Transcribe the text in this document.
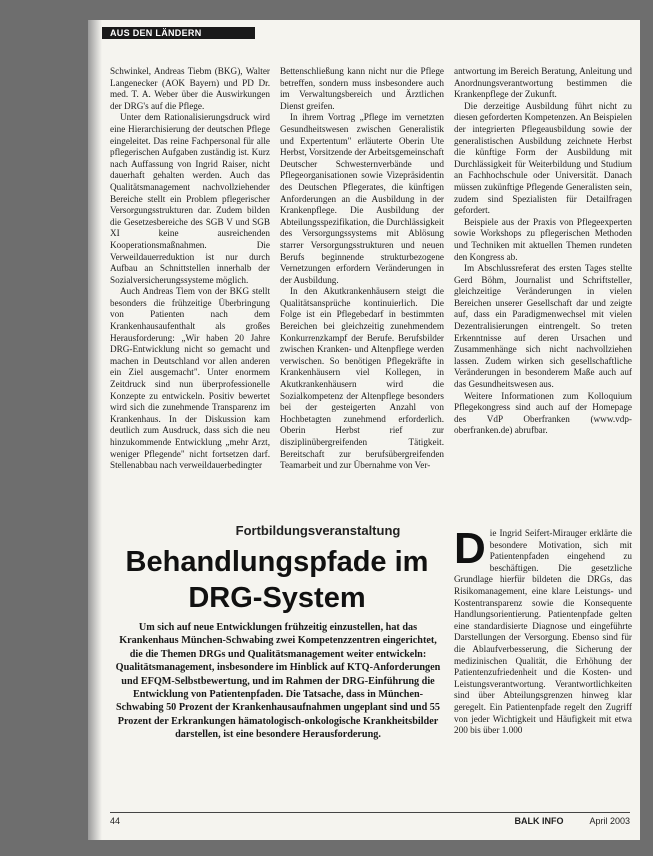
AUS DEN LÄNDERN

Schwinkel, Andreas Tiebm (BKG), Walter Langenecker (AOK Bayern) und PD Dr. med. T. A. Weber über die Auswirkungen der DRG's auf die Pflege.

Unter dem Rationalisierungsdruck wird eine Hierarchisierung der deutschen Pflege eingeleitet. Das reine Fachpersonal für alle pflegerischen Aufgaben zuständig ist. Kurz nach Auffassung von Ingrid Raiser, nicht dauerhaft gehalten werden. Auch das Qualitätsmanagement nachvollziehender Bereiche stellt ein Problem pflegerischer Versorgungsstrukturen dar. Zudem bilden die Gesetzesbereiche des SGB V und SGB XI keine ausreichenden Kooperationsmaßnahmen. Die Verweildauerreduktion ist nur durch Aufbau an Schnittstellen innerhalb der Sozialversicherungssysteme möglich.

Auch Andreas Tiem von der BKG stellt besonders die frühzeitige Überbringung von Patienten nach dem Krankenhausaufenthalt als großes Herausforderung: „Wir haben 20 Jahre DRG-Entwicklung nicht so gemacht und machen in Deutschland vor allen anderen ein Ziel ausgemacht". Unter enormem Zeitdruck sind nun überprofessionelle Konzepte zu entwickeln. Positiv bewertet wird sich die zunehmende Transparenz im Krankenhaus. In der Diskussion kam deutlich zum Ausdruck, dass sich die neu hinzukommende Entwicklung „mehr Arzt, weniger Pflegende" nicht fortsetzen darf. Stellenabbau nach verweildauerbedingter

Bettenschließung kann nicht nur die Pflege betreffen, sondern muss insbesondere auch im Verwaltungsbereich und Ärztlichen Dienst greifen.

In ihrem Vortrag „Pflege im vernetzten Gesundheitswesen zwischen Generalistik und Expertentum" erläuterte Oberin Ute Herbst, Vorsitzende der Arbeitsgemeinschaft Deutscher Schwesternverbände und Pflegeorganisationen sowie Vizepräsidentin des Deutschen Pflegerates, die künftigen Anforderungen an die Ausbildung in der Krankenpflege. Die Ausbildung der Abteilungsspezifikation, die Durchlässigkeit des Versorgungssystems mit Ablösung starrer Versorgungsstrukturen und neuen Berufs beginnende strukturbezogene Vernetzungen erfordern Veränderungen in der Ausbildung.

In den Akutkrankenhäusern steigt die Qualitätsansprüche kontinuierlich. Die Folge ist ein Pflegebedarf in bestimmten Bereichen bei gleichzeitig zunehmendem Konkurrenzkampf der Berufe. Berufsbilder zwischen Kranken- und Altenpflege werden verwischen. So benötigen Pflegekräfte in Krankenhäusern viel Kollegen, in Akutkrankenhäusern wird die Sozialkompetenz der Altenpflege besonders bei der gesteigerten Anzahl von Hochbetagten zunehmend erforderlich. Oberin Herbst rief zur disziplinübergreifenden Tätigkeit. Bereitschaft zur berufsübergreifenden Teamarbeit und zur Übernahme von Ver-

antwortung im Bereich Beratung, Anleitung und Anordnungsverantwortung bestimmen die Krankenpflege der Zukunft.

Die derzeitige Ausbildung führt nicht zu diesen geforderten Kompetenzen. An Beispielen der integrierten Pflegeausbildung sowie der generalistischen Ausbildung zeichnete Herbst die künftige Form der Ausbildung mit Durchlässigkeit für Weiterbildung und Studium an Fachhochschule oder Universität. Danach müssen zukünftige Pflegende Generalisten sein, zudem sind Spezialisten für Detailfragen gefordert.

Beispiele aus der Praxis von Pflegeexperten sowie Workshops zu pflegerischen Methoden und Techniken mit aktuellen Themen rundeten den Kongress ab.

Im Abschlussreferat des ersten Tages stellte Gerd Böhm, Journalist und Schriftsteller, gleichzeitige Veränderungen in vielen Bereichen unserer Gesellschaft dar und zeigte auf, dass ein Paradigmenwechsel mit vielen Dezentralisierungen eintrengelt. So treten Erkenntnisse auf deren Ursachen und Zusammenhänge sich nicht nachvollziehen lassen. Zudem wirken sich gesellschaftliche Veränderungen in besonderem Maße auch auf das Gesundheitswesen aus.

Weitere Informationen zum Kolloquium Pflegekongress sind auch auf der Homepage des VdP Oberfranken (www.vdp-oberfranken.de) abrufbar.

Fortbildungsveranstaltung
Behandlungspfade im
DRG-System
Um sich auf neue Entwicklungen frühzeitig einzustellen, hat das Krankenhaus München-Schwabing zwei Kompetenzzentren eingerichtet, die die Themen DRGs und Qualitätsmanagement weiter entwickeln: Qualitätsmanagement, insbesondere im Hinblick auf KTQ-Anforderungen und EFQM-Selbstbewertung, und im Rahmen der DRG-Einführung die Entwicklung von Patientenpfaden. Die Tatsache, dass in München-Schwabing 50 Prozent der Krankenhausaufnahmen ungeplant sind und 55 Prozent der Erkrankungen hämatologisch-onkologische Krankheitsbilder darstellen, ist eine besondere Herausforderung.
D ie Ingrid Seifert-Mirauger erklärte die besondere Motivation, sich mit Patientenpfaden eingehend zu beschäftigen. Die gesetzliche Grundlage hierfür bildeten die DRGs, das Risikomanagement, eine klare Leistungs- und Kostentransparenz sowie die Konsequente Handlungsorientierung. Patientenpfade gelten eine standardisierte Diagnose und eingeführte Darstellungen der Versorgung. Ebenso sind für die Ablaufverbesserung, die Sicherung der medizinischen Qualität, die Erhöhung der Patientenzufriedenheit und die Kosten- und Leistungsverantwortung. Verantwortlichkeiten sind über Abteilungsgrenzen hinweg klar geregelt. Ein Patientenpfade regelt den Zugriff von jeder Wichtigkeit und Häufigkeit mit etwa 200 bis über 1.000
44	BALK INFO	April 2003
